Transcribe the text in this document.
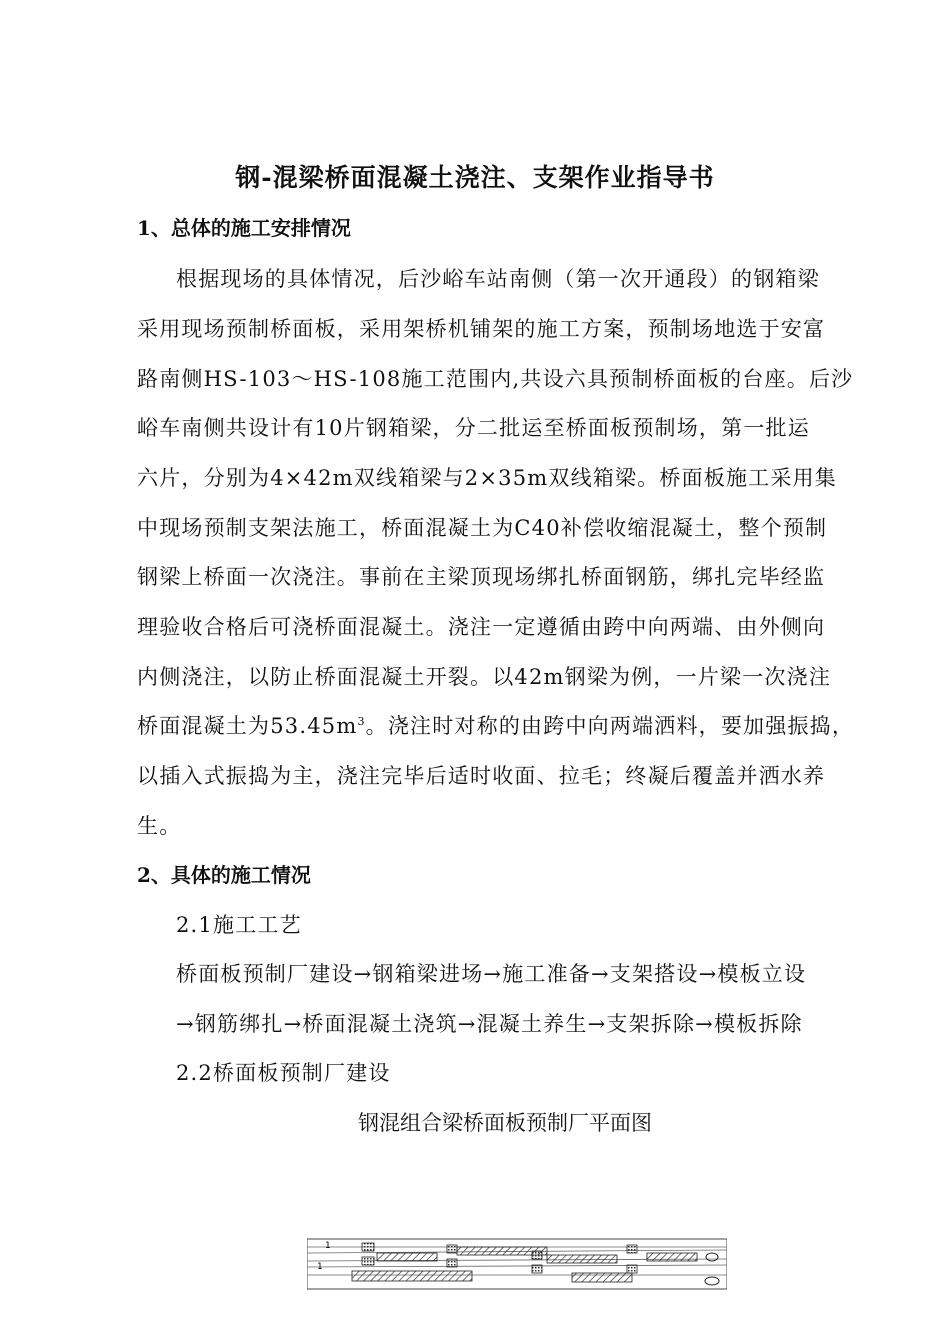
钢-混梁桥面混凝土浇注、支架作业指导书
1、总体的施工安排情况
根据现场的具体情况，后沙峪车站南侧（第一次开通段）的钢箱梁
采用现场预制桥面板，采用架桥机铺架的施工方案，预制场地选于安富
路南侧HS-103～HS-108施工范围内,共设六具预制桥面板的台座。后沙
峪车南侧共设计有10片钢箱梁，分二批运至桥面板预制场，第一批运
六片，分别为4×42m双线箱梁与2×35m双线箱梁。桥面板施工采用集
中现场预制支架法施工，桥面混凝土为C40补偿收缩混凝土，整个预制
钢梁上桥面一次浇注。事前在主梁顶现场绑扎桥面钢筋，绑扎完毕经监
理验收合格后可浇桥面混凝土。浇注一定遵循由跨中向两端、由外侧向
内侧浇注，以防止桥面混凝土开裂。以42m钢梁为例，一片梁一次浇注
桥面混凝土为$53.45m^3$。浇注时对称的由跨中向两端洒料，要加强振捣，
以插入式振捣为主，浇注完毕后适时收面、拉毛；终凝后覆盖并洒水养
生。
2、具体的施工情况
2.1施工工艺
桥面板预制厂建设→钢箱梁进场→施工准备→支架搭设→模板立设
→钢筋绑扎→桥面混凝土浇筑→混凝土养生→支架拆除→模板拆除
2.2桥面板预制厂建设
钢混组合梁桥面板预制厂平面图
1
1
